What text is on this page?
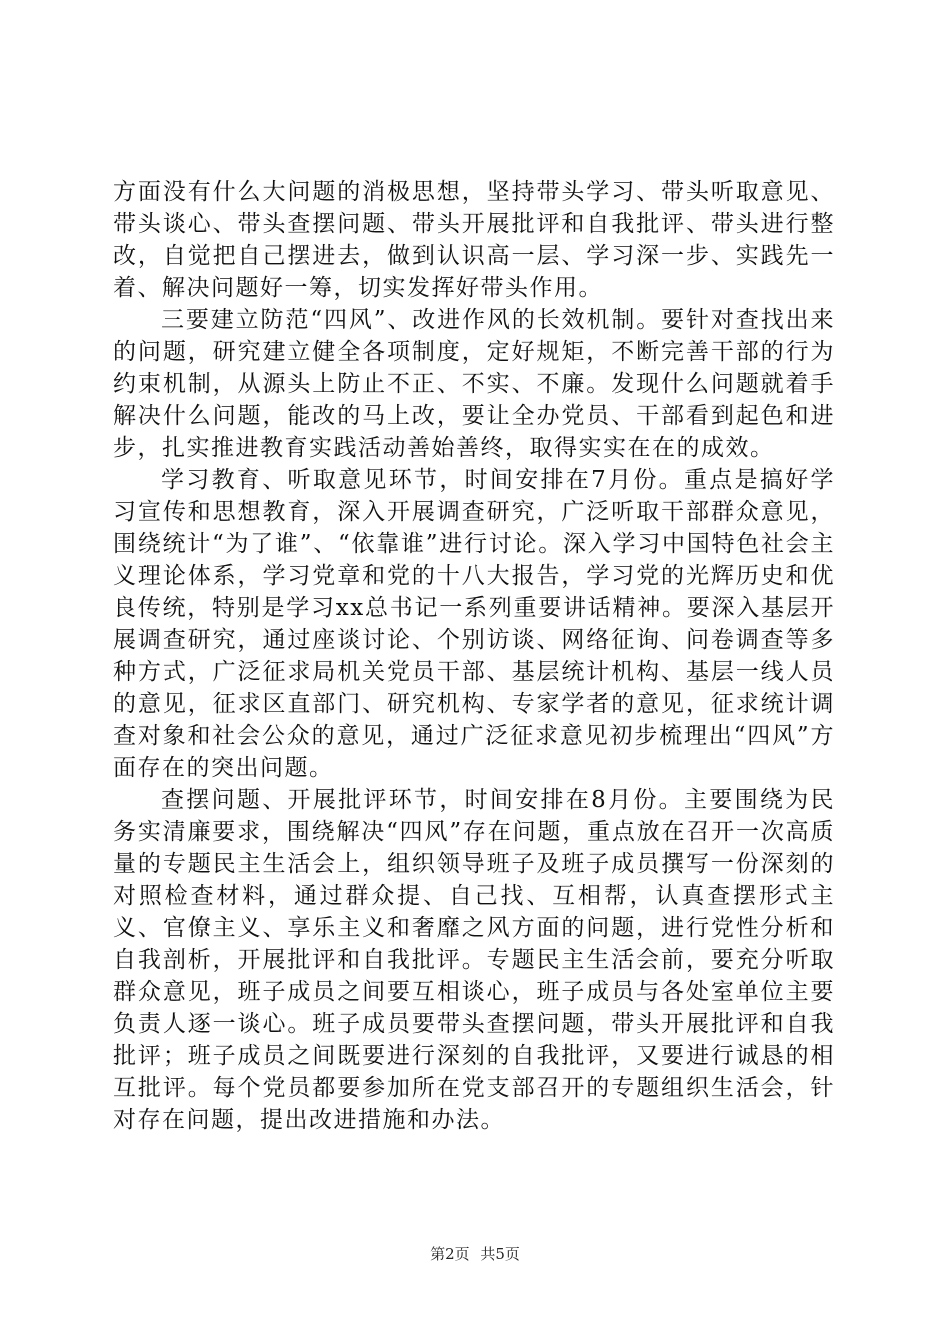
方面没有什么大问题的消极思想，坚持带头学习、带头听取意见、带头谈心、带头查摆问题、带头开展批评和自我批评、带头进行整改，自觉把自己摆进去，做到认识高一层、学习深一步、实践先一着、解决问题好一筹，切实发挥好带头作用。

三要建立防范“四风”、改进作风的长效机制。要针对查找出来的问题，研究建立健全各项制度，定好规矩，不断完善干部的行为约束机制，从源头上防止不正、不实、不廉。发现什么问题就着手解决什么问题，能改的马上改，要让全办党员、干部看到起色和进步，扎实推进教育实践活动善始善终，取得实实在在的成效。

学习教育、听取意见环节，时间安排在7月份。重点是搞好学习宣传和思想教育，深入开展调查研究，广泛听取干部群众意见，围绕统计“为了谁”、“依靠谁”进行讨论。深入学习中国特色社会主义理论体系，学习党章和党的十八大报告，学习党的光辉历史和优良传统，特别是学习xx总书记一系列重要讲话精神。要深入基层开展调查研究，通过座谈讨论、个别访谈、网络征询、问卷调查等多种方式，广泛征求局机关党员干部、基层统计机构、基层一线人员的意见，征求区直部门、研究机构、专家学者的意见，征求统计调查对象和社会公众的意见，通过广泛征求意见初步梳理出“四风”方面存在的突出问题。

查摆问题、开展批评环节，时间安排在8月份。主要围绕为民务实清廉要求，围绕解决“四风”存在问题，重点放在召开一次高质量的专题民主生活会上，组织领导班子及班子成员撰写一份深刻的对照检查材料，通过群众提、自己找、互相帮，认真查摆形式主义、官僚主义、享乐主义和奢靡之风方面的问题，进行党性分析和自我剖析，开展批评和自我批评。专题民主生活会前，要充分听取群众意见，班子成员之间要互相谈心，班子成员与各处室单位主要负责人逐一谈心。班子成员要带头查摆问题，带头开展批评和自我批评；班子成员之间既要进行深刻的自我批评，又要进行诚恳的相互批评。每个党员都要参加所在党支部召开的专题组织生活会，针对存在问题，提出改进措施和办法。

第2页 共5页
